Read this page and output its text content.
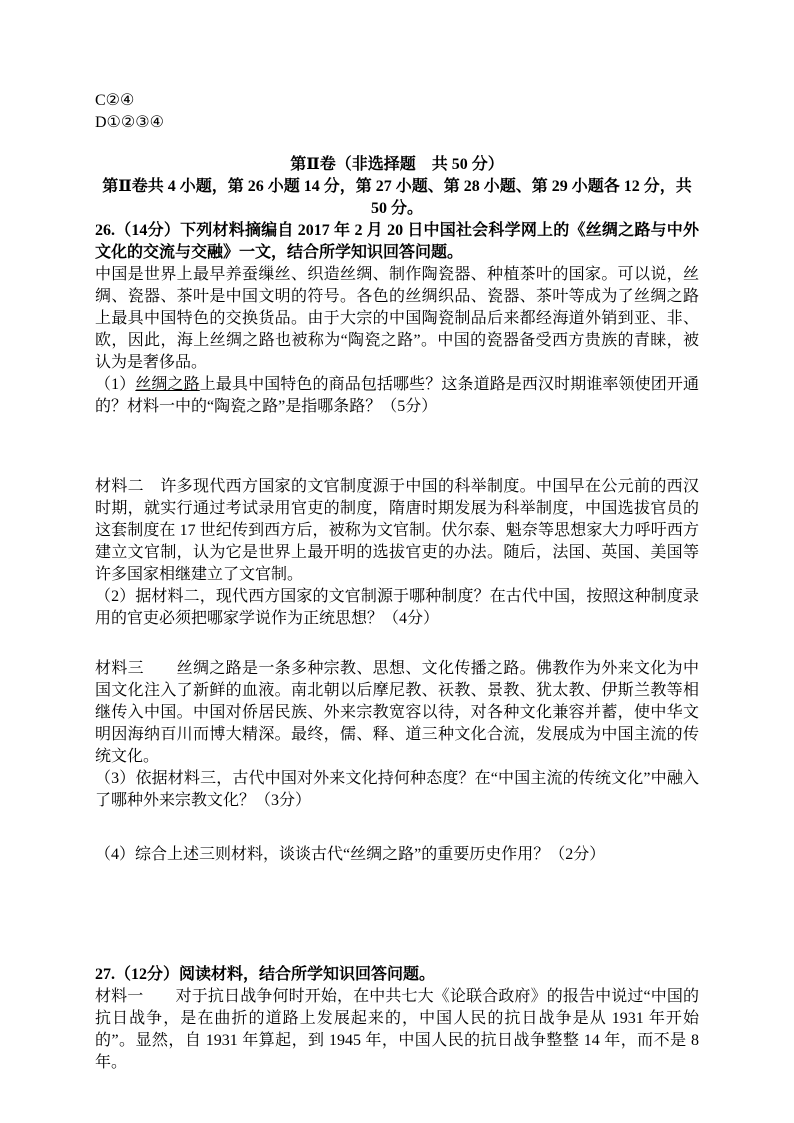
C②④

D①②③④

第Ⅱ卷（非选择题　共 50 分）

第Ⅱ卷共 4 小题，第 26 小题 14 分，第 27 小题、第 28 小题、第 29 小题各 12 分，共 50 分。

26.（14分）下列材料摘编自 2017 年 2 月 20 日中国社会科学网上的《丝绸之路与中外文化的交流与交融》一文，结合所学知识回答问题。

中国是世界上最早养蚕缫丝、织造丝绸、制作陶瓷器、种植茶叶的国家。可以说，丝绸、瓷器、茶叶是中国文明的符号。各色的丝绸织品、瓷器、茶叶等成为了丝绸之路上最具中国特色的交换货品。由于大宗的中国陶瓷制品后来都经海道外销到亚、非、欧，因此，海上丝绸之路也被称为“陶瓷之路”。中国的瓷器备受西方贵族的青睐，被认为是奢侈品。

（1）丝绸之路上最具中国特色的商品包括哪些？这条道路是西汉时期谁率领使团开通的？材料一中的“陶瓷之路”是指哪条路？（5分）

材料二　许多现代西方国家的文官制度源于中国的科举制度。中国早在公元前的西汉时期，就实行通过考试录用官吏的制度，隋唐时期发展为科举制度，中国选拔官员的这套制度在 17 世纪传到西方后，被称为文官制。伏尔泰、魁奈等思想家大力呼吁西方建立文官制，认为它是世界上最开明的选拔官吏的办法。随后，法国、英国、美国等许多国家相继建立了文官制。

（2）据材料二，现代西方国家的文官制源于哪种制度？在古代中国，按照这种制度录用的官吏必须把哪家学说作为正统思想？（4分）

材料三　　丝绸之路是一条多种宗教、思想、文化传播之路。佛教作为外来文化为中国文化注入了新鲜的血液。南北朝以后摩尼教、祆教、景教、犹太教、伊斯兰教等相继传入中国。中国对侨居民族、外来宗教宽容以待，对各种文化兼容并蓄，使中华文明因海纳百川而博大精深。最终，儒、释、道三种文化合流，发展成为中国主流的传统文化。

（3）依据材料三，古代中国对外来文化持何种态度？在“中国主流的传统文化”中融入了哪种外来宗教文化？（3分）

（4）综合上述三则材料，谈谈古代“丝绸之路”的重要历史作用？（2分）

27.（12分）阅读材料，结合所学知识回答问题。

材料一　　对于抗日战争何时开始，在中共七大《论联合政府》的报告中说过“中国的抗日战争，是在曲折的道路上发展起来的，中国人民的抗日战争是从 1931 年开始的”。显然，自 1931 年算起，到 1945 年，中国人民的抗日战争整整 14 年，而不是 8 年。
